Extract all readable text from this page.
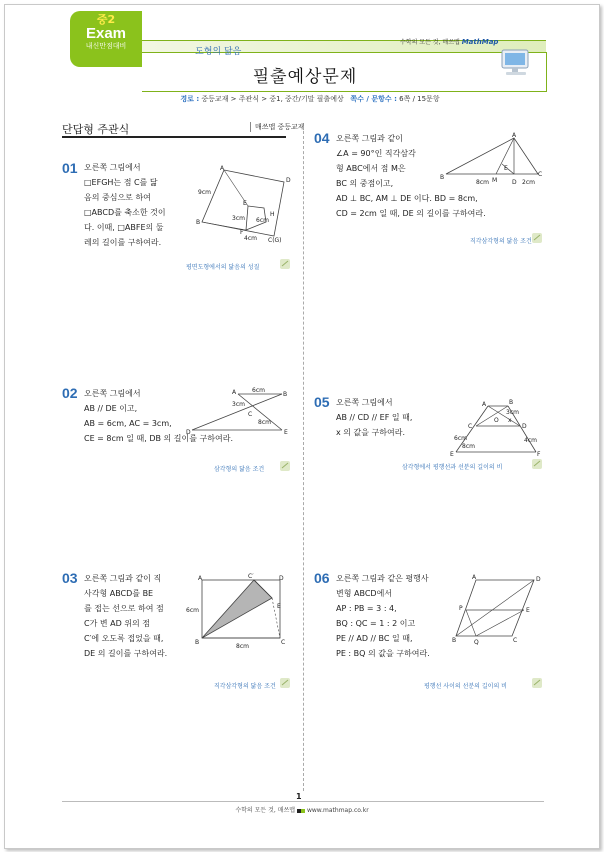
중2
Exam
내신만점대비
도형의 닮음
필출예상문제
수학의 모든 것, 매쓰맵 MathMap
경로 : 중등교재 > 주관식 > 중1, 중간/기말 필출예상 쪽수 / 문항수 : 6쪽 / 15문항
단답형 주관식	매쓰맵 중등교재
01 오른쪽 그림에서
□EFGH는 점 C를 닮
음의 중심으로 하여
□ABCD를 축소한 것이
다. 이때, □ABFE의 둘
레의 길이를 구하여라.
A
B
D
E
F
H
C(G)
9cm
3cm 6cm
4cm
평면도형에서의 닮음의 성질
02 오른쪽 그림에서
AB // DE 이고,
AB = 6cm, AC = 3cm,
CE = 8cm 일 때, DB 의 길이를 구하여라.
A	B
C
D	E
6cm
3cm
8cm
삼각형의 닮음 조건
03 오른쪽 그림과 같이 직
사각형 ABCD를 BE
를 접는 선으로 하여 점
C가 변 AD 위의 점
C′에 오도록 접었을 때,
DE 의 길이를 구하여라.
A
B	C
C′	D
E
6cm
8cm
직각삼각형의 닮음 조건
04 오른쪽 그림과 같이
∠A = 90°인 직각삼각
형 ABC에서 점 M은
BC 의 중점이고,
AD ⊥ BC, AM ⊥ DE 이다. BD = 8cm,
CD = 2cm 일 때, DE 의 길이를 구하여라.
A
B	C
D
E
M
8cm	2cm
직각삼각형의 닮음 조건
05 오른쪽 그림에서
AB // CD // EF 일 때,
x 의 값을 구하여라.
A	B
C	D
E	F
O x
3cm
6cm	4cm
8cm
삼각형에서 평행선과 선분의 길이의 비
06 오른쪽 그림과 같은 평행사
변형 ABCD에서
AP : PB = 3 : 4,
BQ : QC = 1 : 2 이고
PE // AD // BC 일 때,
PE : BQ 의 값을 구하여라.
A	D
B	C
P	E
Q
평행선 사이의 선분의 길이의 비
1
수학의 모든 것, 매쓰맵 www.mathmap.co.kr
